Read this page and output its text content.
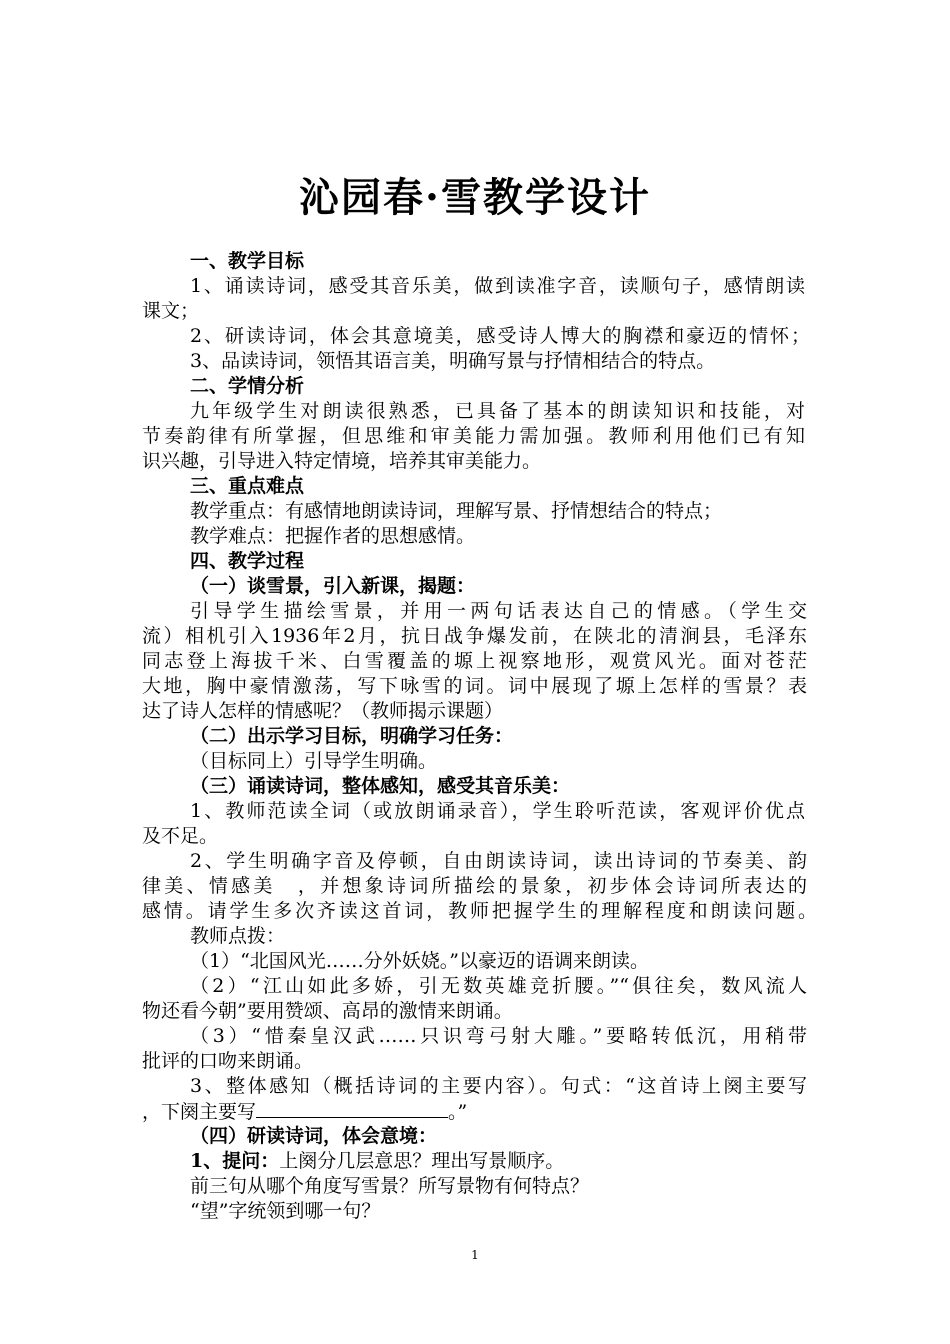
沁园春·雪教学设计
一、教学目标
1、诵读诗词，感受其音乐美，做到读准字音，读顺句子，感情朗读
课文；
2、研读诗词，体会其意境美，感受诗人博大的胸襟和豪迈的情怀；
3、品读诗词，领悟其语言美，明确写景与抒情相结合的特点。
二、学情分析
九年级学生对朗读很熟悉，已具备了基本的朗读知识和技能，对
节奏韵律有所掌握，但思维和审美能力需加强。教师利用他们已有知
识兴趣，引导进入特定情境，培养其审美能力。
三、重点难点
教学重点：有感情地朗读诗词，理解写景、抒情想结合的特点；
教学难点：把握作者的思想感情。
四、教学过程
（一）谈雪景，引入新课，揭题：
引导学生描绘雪景，并用一两句话表达自己的情感。（学生交
流）相机引入1936年2月，抗日战争爆发前，在陕北的清涧县，毛泽东
同志登上海拔千米、白雪覆盖的塬上视察地形，观赏风光。面对苍茫
大地，胸中豪情激荡，写下咏雪的词。词中展现了塬上怎样的雪景？表
达了诗人怎样的情感呢？（教师揭示课题）
（二）出示学习目标，明确学习任务：
（目标同上）引导学生明确。
（三）诵读诗词，整体感知，感受其音乐美：
1、教师范读全词（或放朗诵录音），学生聆听范读，客观评价优点
及不足。
2、学生明确字音及停顿，自由朗读诗词，读出诗词的节奏美、韵
律美、情感美　，并想象诗词所描绘的景象，初步体会诗词所表达的
感情。请学生多次齐读这首词，教师把握学生的理解程度和朗读问题。
教师点拨：
（1）“北国风光……分外妖娆。”以豪迈的语调来朗读。
（2）“江山如此多娇，引无数英雄竞折腰。”“俱往矣，数风流人
物还看今朝”要用赞颂、高昂的激情来朗诵。
（3）“惜秦皇汉武……只识弯弓射大雕。”要略转低沉，用稍带
批评的口吻来朗诵。
3、整体感知（概括诗词的主要内容）。句式：“这首诗上阕主要写
，下阕主要写	。”
（四）研读诗词，体会意境：
1、提问：上阕分几层意思？理出写景顺序。
前三句从哪个角度写雪景？所写景物有何特点？
“望”字统领到哪一句？
1
